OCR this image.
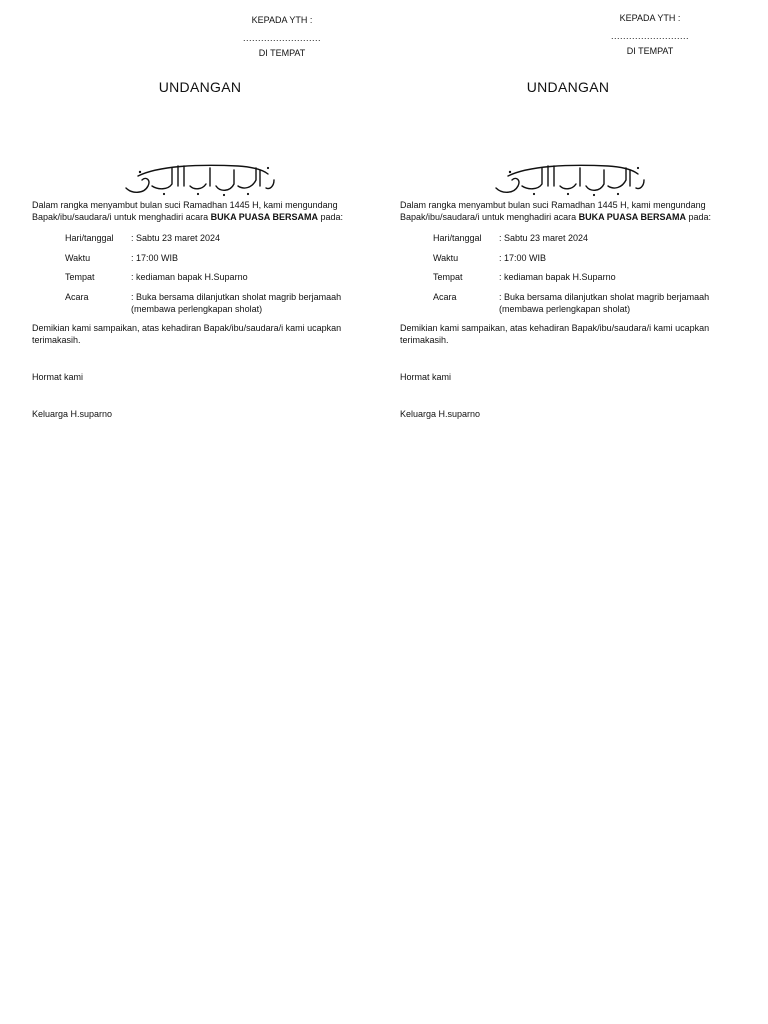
KEPADA YTH :
..........................
DI TEMPAT
UNDANGAN
Dalam rangka menyambut bulan suci Ramadhan 1445 H, kami mengundang Bapak/ibu/saudara/i untuk menghadiri acara BUKA PUASA BERSAMA pada:
Hari/tanggal	: Sabtu 23 maret 2024
Waktu	: 17:00 WIB
Tempat	: kediaman bapak H.Suparno
Acara	: Buka bersama dilanjutkan sholat magrib berjamaah (membawa perlengkapan sholat)
Demikian kami sampaikan, atas kehadiran Bapak/ibu/saudara/i kami ucapkan terimakasih.
Hormat kami
Keluarga H.suparno
KEPADA YTH :
..........................
DI TEMPAT
UNDANGAN
Dalam rangka menyambut bulan suci Ramadhan 1445 H, kami mengundang Bapak/ibu/saudara/i untuk menghadiri acara BUKA PUASA BERSAMA pada:
Hari/tanggal	: Sabtu 23 maret 2024
Waktu	: 17:00 WIB
Tempat	: kediaman bapak H.Suparno
Acara	: Buka bersama dilanjutkan sholat magrib berjamaah (membawa perlengkapan sholat)
Demikian kami sampaikan, atas kehadiran Bapak/ibu/saudara/i kami ucapkan terimakasih.
Hormat kami
Keluarga H.suparno
